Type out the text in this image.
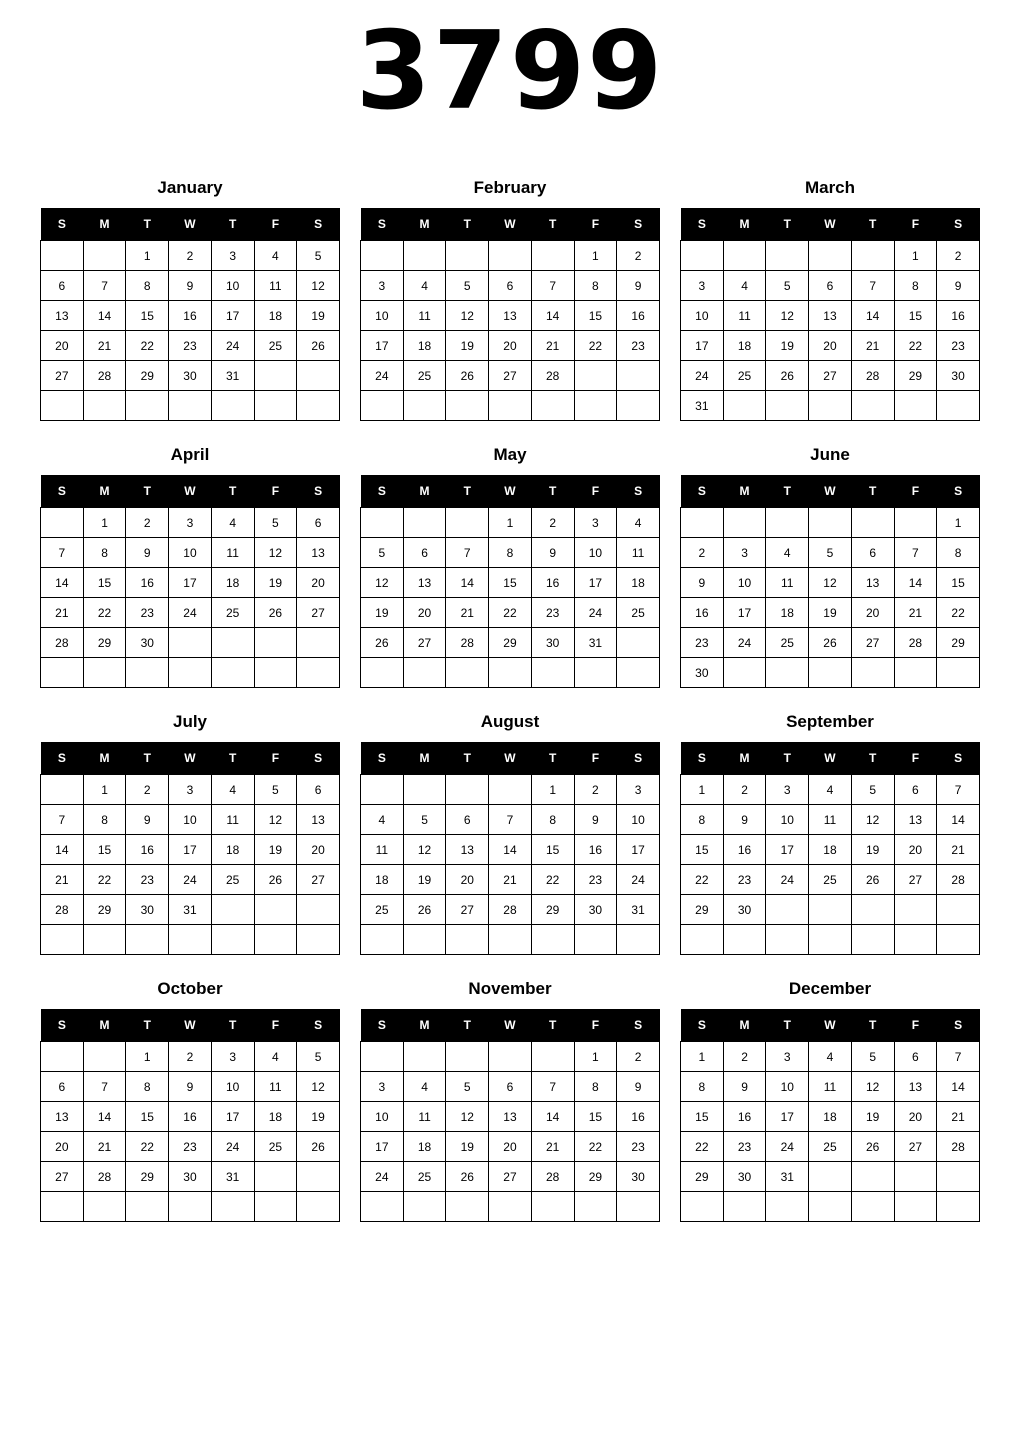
3799
January
S	M	T	W	T	F	S
		1	2	3	4	5
6	7	8	9	10	11	12
13	14	15	16	17	18	19
20	21	22	23	24	25	26
27	28	29	30	31		

February
S	M	T	W	T	F	S
					1	2
3	4	5	6	7	8	9
10	11	12	13	14	15	16
17	18	19	20	21	22	23
24	25	26	27	28		

March
S	M	T	W	T	F	S
					1	2
3	4	5	6	7	8	9
10	11	12	13	14	15	16
17	18	19	20	21	22	23
24	25	26	27	28	29	30
31						
April
S	M	T	W	T	F	S
	1	2	3	4	5	6
7	8	9	10	11	12	13
14	15	16	17	18	19	20
21	22	23	24	25	26	27
28	29	30				

May
S	M	T	W	T	F	S
			1	2	3	4
5	6	7	8	9	10	11
12	13	14	15	16	17	18
19	20	21	22	23	24	25
26	27	28	29	30	31	

June
S	M	T	W	T	F	S
						1
2	3	4	5	6	7	8
9	10	11	12	13	14	15
16	17	18	19	20	21	22
23	24	25	26	27	28	29
30						
July
S	M	T	W	T	F	S
	1	2	3	4	5	6
7	8	9	10	11	12	13
14	15	16	17	18	19	20
21	22	23	24	25	26	27
28	29	30	31			

August
S	M	T	W	T	F	S
				1	2	3
4	5	6	7	8	9	10
11	12	13	14	15	16	17
18	19	20	21	22	23	24
25	26	27	28	29	30	31

September
S	M	T	W	T	F	S
1	2	3	4	5	6	7
8	9	10	11	12	13	14
15	16	17	18	19	20	21
22	23	24	25	26	27	28
29	30					

October
S	M	T	W	T	F	S
		1	2	3	4	5
6	7	8	9	10	11	12
13	14	15	16	17	18	19
20	21	22	23	24	25	26
27	28	29	30	31		

November
S	M	T	W	T	F	S
					1	2
3	4	5	6	7	8	9
10	11	12	13	14	15	16
17	18	19	20	21	22	23
24	25	26	27	28	29	30

December
S	M	T	W	T	F	S
1	2	3	4	5	6	7
8	9	10	11	12	13	14
15	16	17	18	19	20	21
22	23	24	25	26	27	28
29	30	31				
